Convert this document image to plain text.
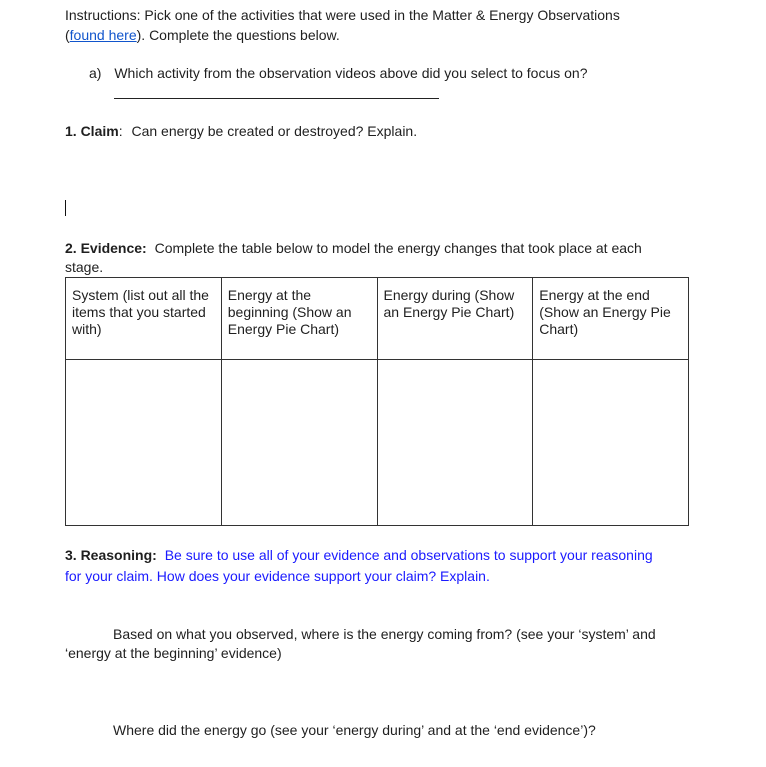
Instructions: Pick one of the activities that were used in the Matter & Energy Observations
(found here). Complete the questions below.
a) Which activity from the observation videos above did you select to focus on?
1. Claim: Can energy be created or destroyed? Explain.
2. Evidence: Complete the table below to model the energy changes that took place at each
stage.
System (list out all the items that you started with)	Energy at the beginning (Show an Energy Pie Chart)	Energy during (Show an Energy Pie Chart)	Energy at the end (Show an Energy Pie Chart)

3. Reasoning: Be sure to use all of your evidence and observations to support your reasoning
for your claim. How does your evidence support your claim? Explain.
Based on what you observed, where is the energy coming from? (see your ‘system’ and
‘energy at the beginning’ evidence)
Where did the energy go (see your ‘energy during’ and at the ‘end evidence’)?
